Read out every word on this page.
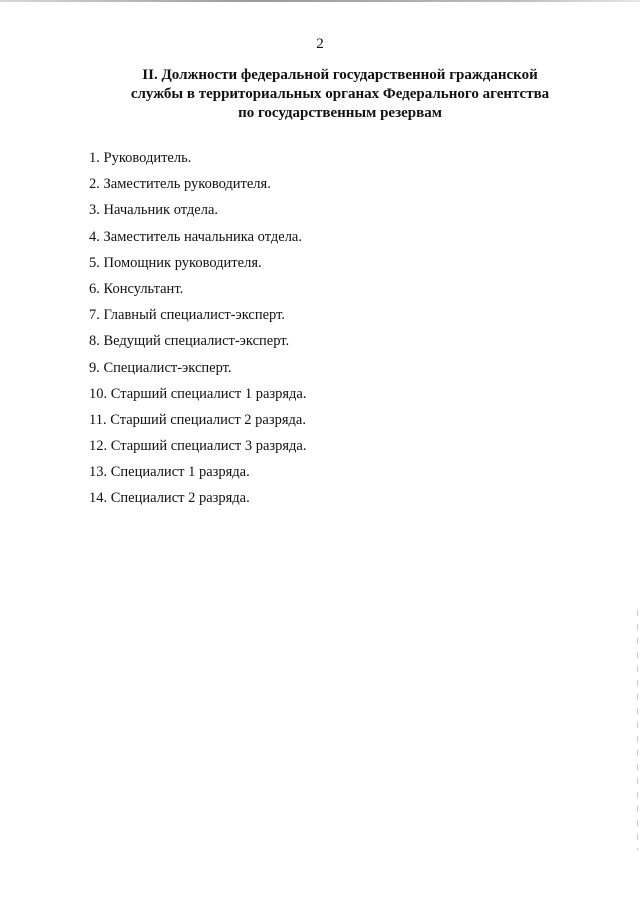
2
II. Должности федеральной государственной гражданской
службы в территориальных органах Федерального агентства
по государственным резервам
1. Руководитель.
2. Заместитель руководителя.
3. Начальник отдела.
4. Заместитель начальника отдела.
5. Помощник руководителя.
6. Консультант.
7. Главный специалист-эксперт.
8. Ведущий специалист-эксперт.
9. Специалист-эксперт.
10. Старший специалист 1 разряда.
11. Старший специалист 2 разряда.
12. Старший специалист 3 разряда.
13. Специалист 1 разряда.
14. Специалист 2 разряда.
